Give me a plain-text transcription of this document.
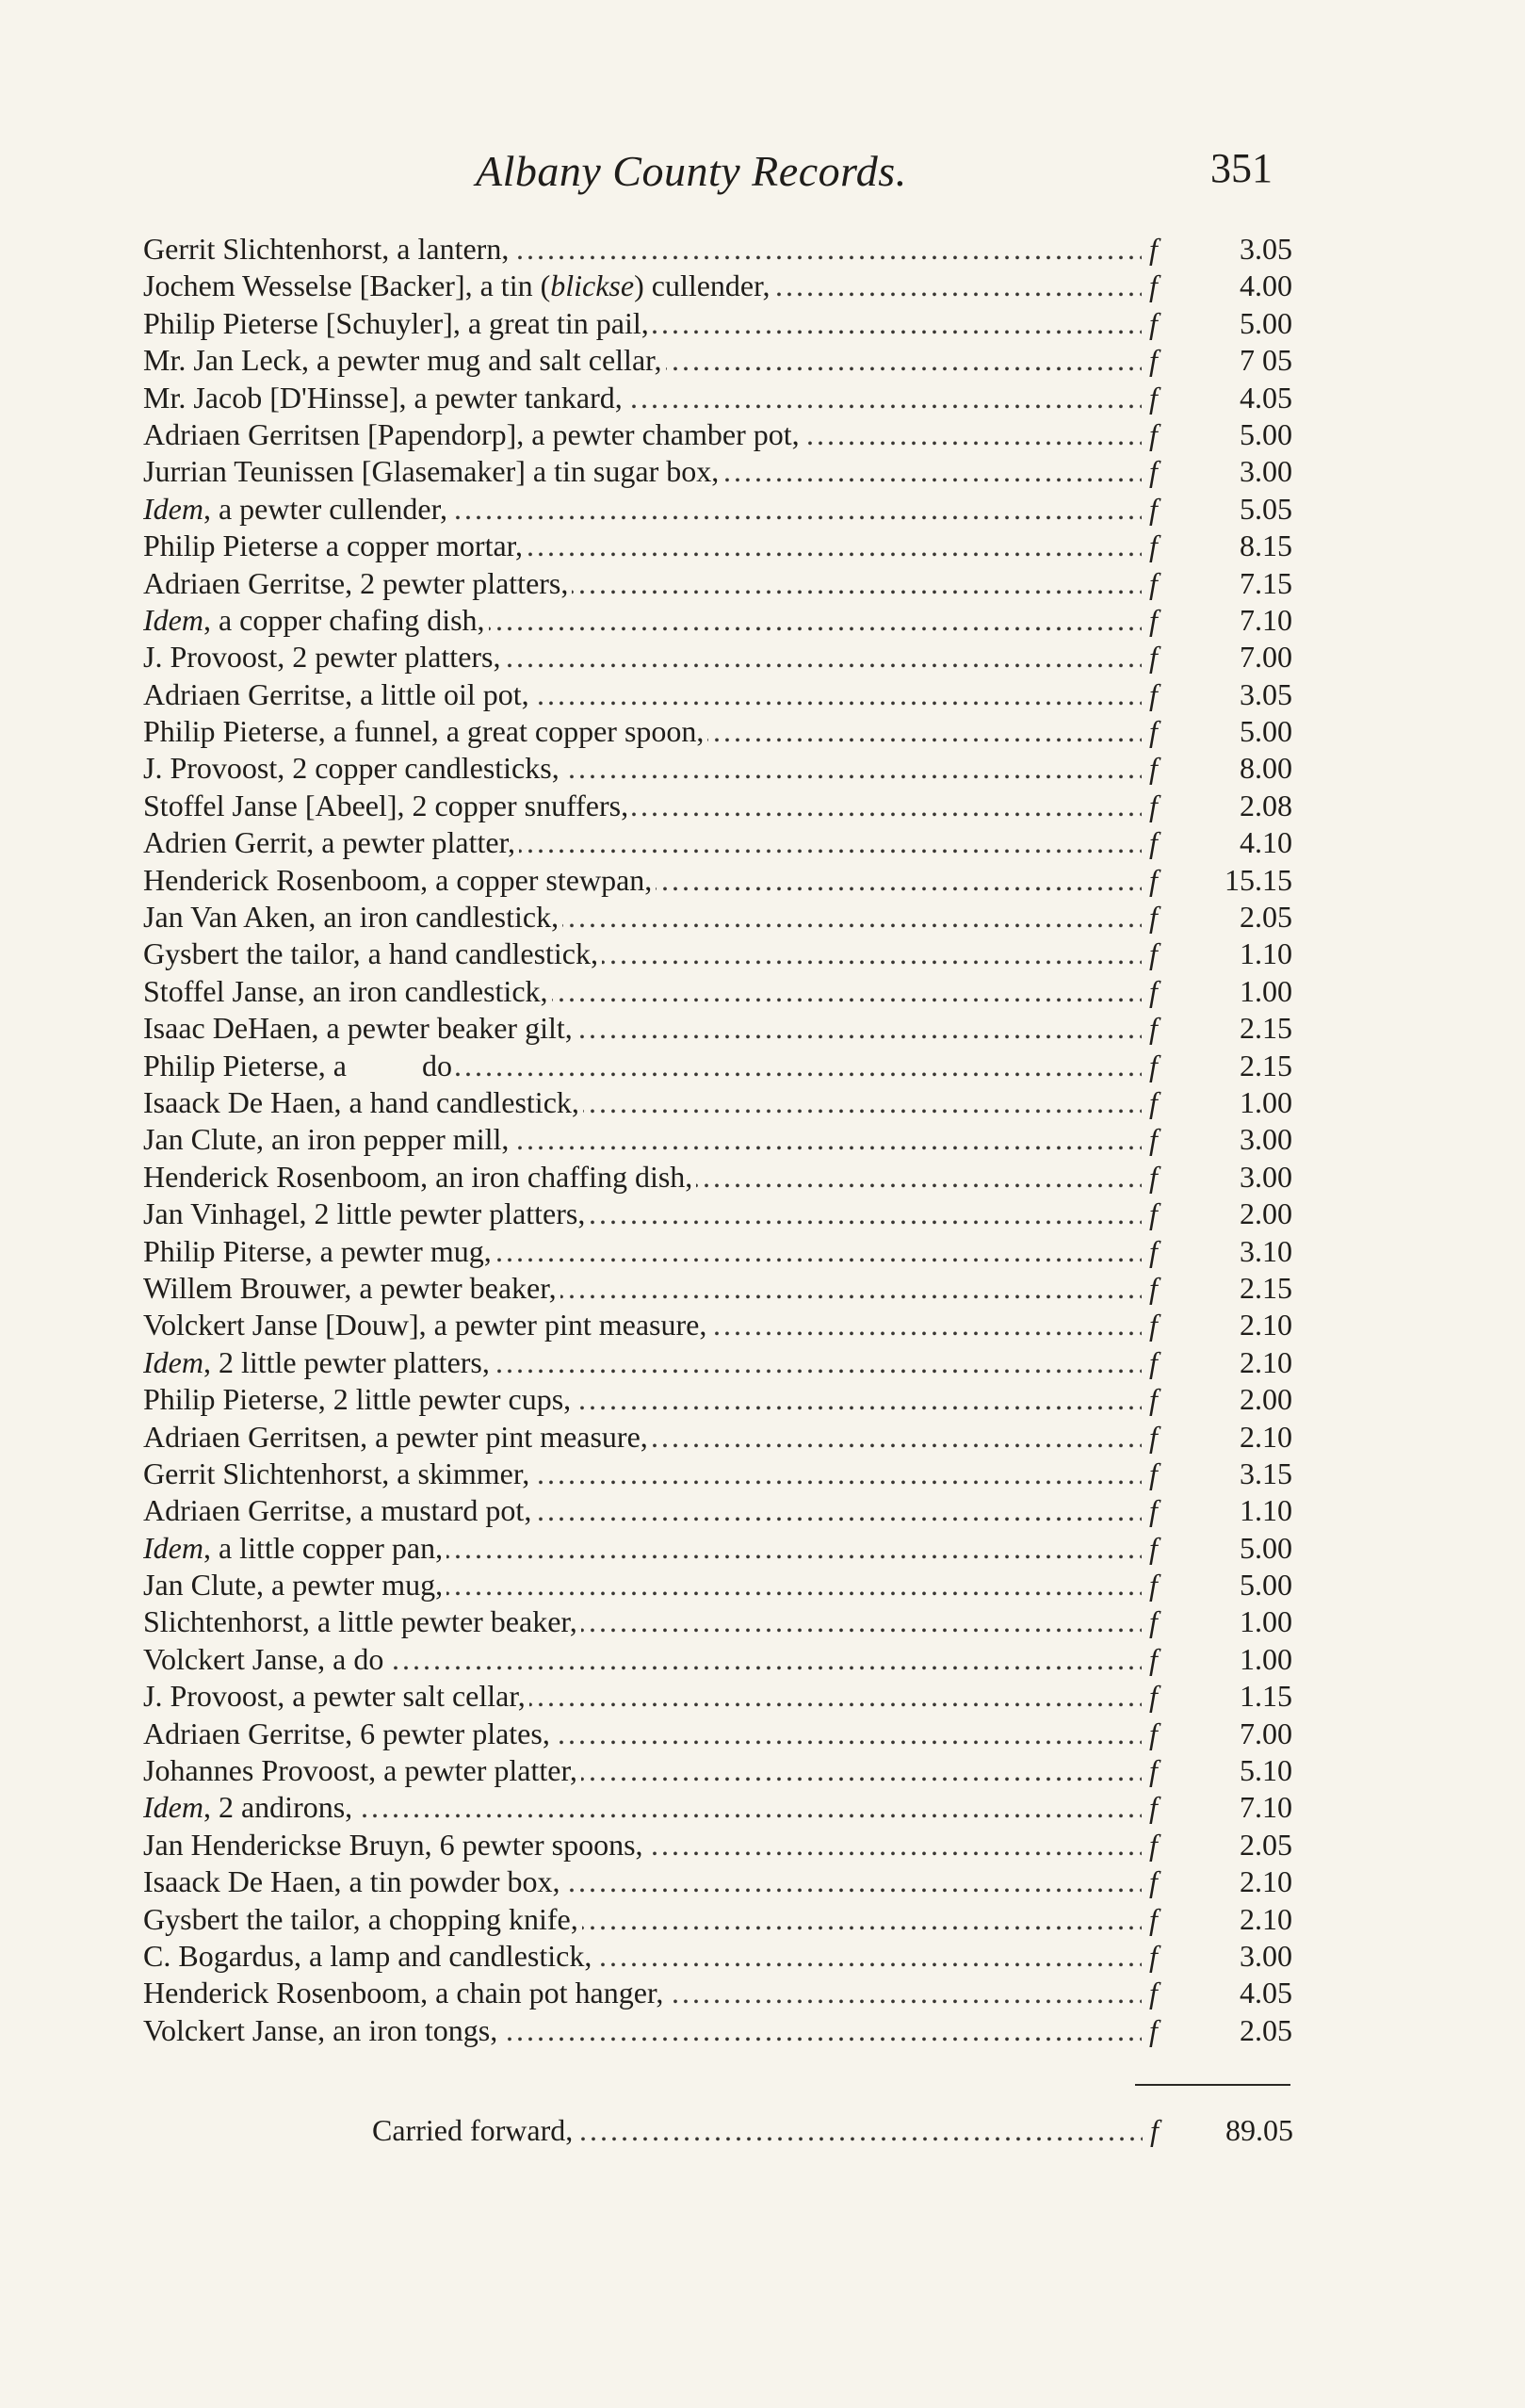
Albany County Records.	351
Gerrit Slichtenhorst, a lantern, .....	f	3.05
Jochem Wesselse [Backer], a tin (blickse) cullender, .....	f	4.00
Philip Pieterse [Schuyler], a great tin pail, .....	f	5.00
Mr. Jan Leck, a pewter mug and salt cellar, .....	f	7 05
Mr. Jacob [D'Hinsse], a pewter tankard, .....	f	4.05
Adriaen Gerritsen [Papendorp], a pewter chamber pot, .....	f	5.00
Jurrian Teunissen [Glasemaker] a tin sugar box, .....	f	3.00
Idem, a pewter cullender, .....	f	5.05
Philip Pieterse a copper mortar, .....	f	8.15
Adriaen Gerritse, 2 pewter platters, .....	f	7.15
Idem, a copper chafing dish, .....	f	7.10
J. Provoost, 2 pewter platters, .....	f	7.00
Adriaen Gerritse, a little oil pot, .....	f	3.05
Philip Pieterse, a funnel, a great copper spoon, .....	f	5.00
J. Provoost, 2 copper candlesticks, .....	f	8.00
Stoffel Janse [Abeel], 2 copper snuffers, .....	f	2.08
Adrien Gerrit, a pewter platter, .....	f	4.10
Henderick Rosenboom, a copper stewpan, .....	f	15.15
Jan Van Aken, an iron candlestick, .....	f	2.05
Gysbert the tailor, a hand candlestick, .....	f	1.10
Stoffel Janse, an iron candlestick, .....	f	1.00
Isaac DeHaen, a pewter beaker gilt, .....	f	2.15
Philip Pieterse, a          do .....	f	2.15
Isaack De Haen, a hand candlestick, .....	f	1.00
Jan Clute, an iron pepper mill, .....	f	3.00
Henderick Rosenboom, an iron chaffing dish, .....	f	3.00
Jan Vinhagel, 2 little pewter platters, .....	f	2.00
Philip Piterse, a pewter mug, .....	f	3.10
Willem Brouwer, a pewter beaker, .....	f	2.15
Volckert Janse [Douw], a pewter pint measure, .....	f	2.10
Idem, 2 little pewter platters, .....	f	2.10
Philip Pieterse, 2 little pewter cups, .....	f	2.00
Adriaen Gerritsen, a pewter pint measure, .....	f	2.10
Gerrit Slichtenhorst, a skimmer, .....	f	3.15
Adriaen Gerritse, a mustard pot, .....	f	1.10
Idem, a little copper pan, .....	f	5.00
Jan Clute, a pewter mug, .....	f	5.00
Slichtenhorst, a little pewter beaker, .....	f	1.00
Volckert Janse, a do .....	f	1.00
J. Provoost, a pewter salt cellar, .....	f	1.15
Adriaen Gerritse, 6 pewter plates, .....	f	7.00
Johannes Provoost, a pewter platter, .....	f	5.10
Idem, 2 andirons, .....	f	7.10
Jan Henderickse Bruyn, 6 pewter spoons, .....	f	2.05
Isaack De Haen, a tin powder box, .....	f	2.10
Gysbert the tailor, a chopping knife, .....	f	2.10
C. Bogardus, a lamp and candlestick, .....	f	3.00
Henderick Rosenboom, a chain pot hanger, .....	f	4.05
Volckert Janse, an iron tongs, .....	f	2.05
Carried forward, .....	f	89.05
